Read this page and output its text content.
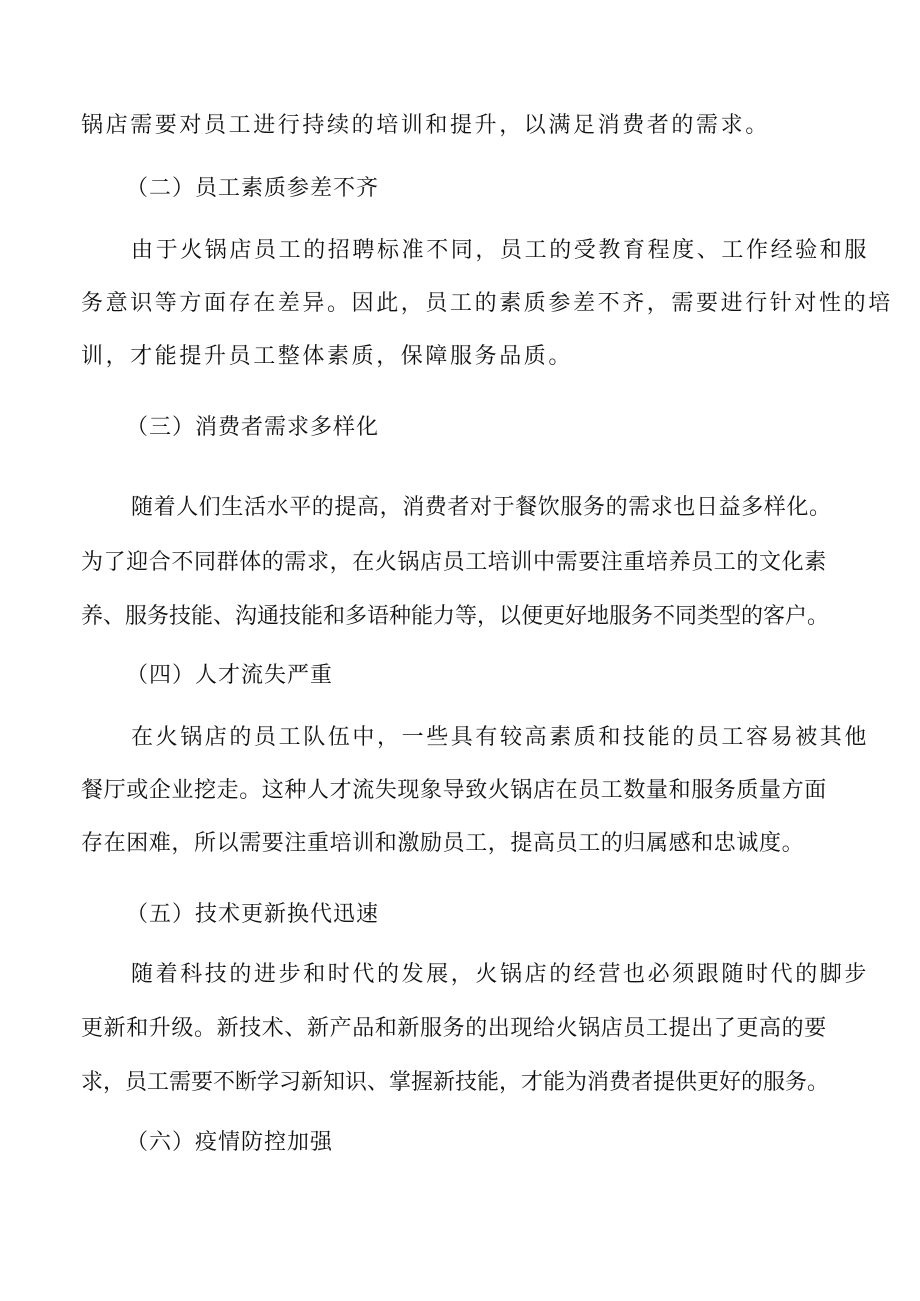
锅店需要对员工进行持续的培训和提升，以满足消费者的需求。
（二）员工素质参差不齐
由于火锅店员工的招聘标准不同，员工的受教育程度、工作经验和服
务意识等方面存在差异。因此，员工的素质参差不齐，需要进行针对性的培
训，才能提升员工整体素质，保障服务品质。
（三）消费者需求多样化
随着人们生活水平的提高，消费者对于餐饮服务的需求也日益多样化。
为了迎合不同群体的需求，在火锅店员工培训中需要注重培养员工的文化素
养、服务技能、沟通技能和多语种能力等，以便更好地服务不同类型的客户。
（四）人才流失严重
在火锅店的员工队伍中，一些具有较高素质和技能的员工容易被其他
餐厅或企业挖走。这种人才流失现象导致火锅店在员工数量和服务质量方面
存在困难，所以需要注重培训和激励员工，提高员工的归属感和忠诚度。
（五）技术更新换代迅速
随着科技的进步和时代的发展，火锅店的经营也必须跟随时代的脚步
更新和升级。新技术、新产品和新服务的出现给火锅店员工提出了更高的要
求，员工需要不断学习新知识、掌握新技能，才能为消费者提供更好的服务。
（六）疫情防控加强
